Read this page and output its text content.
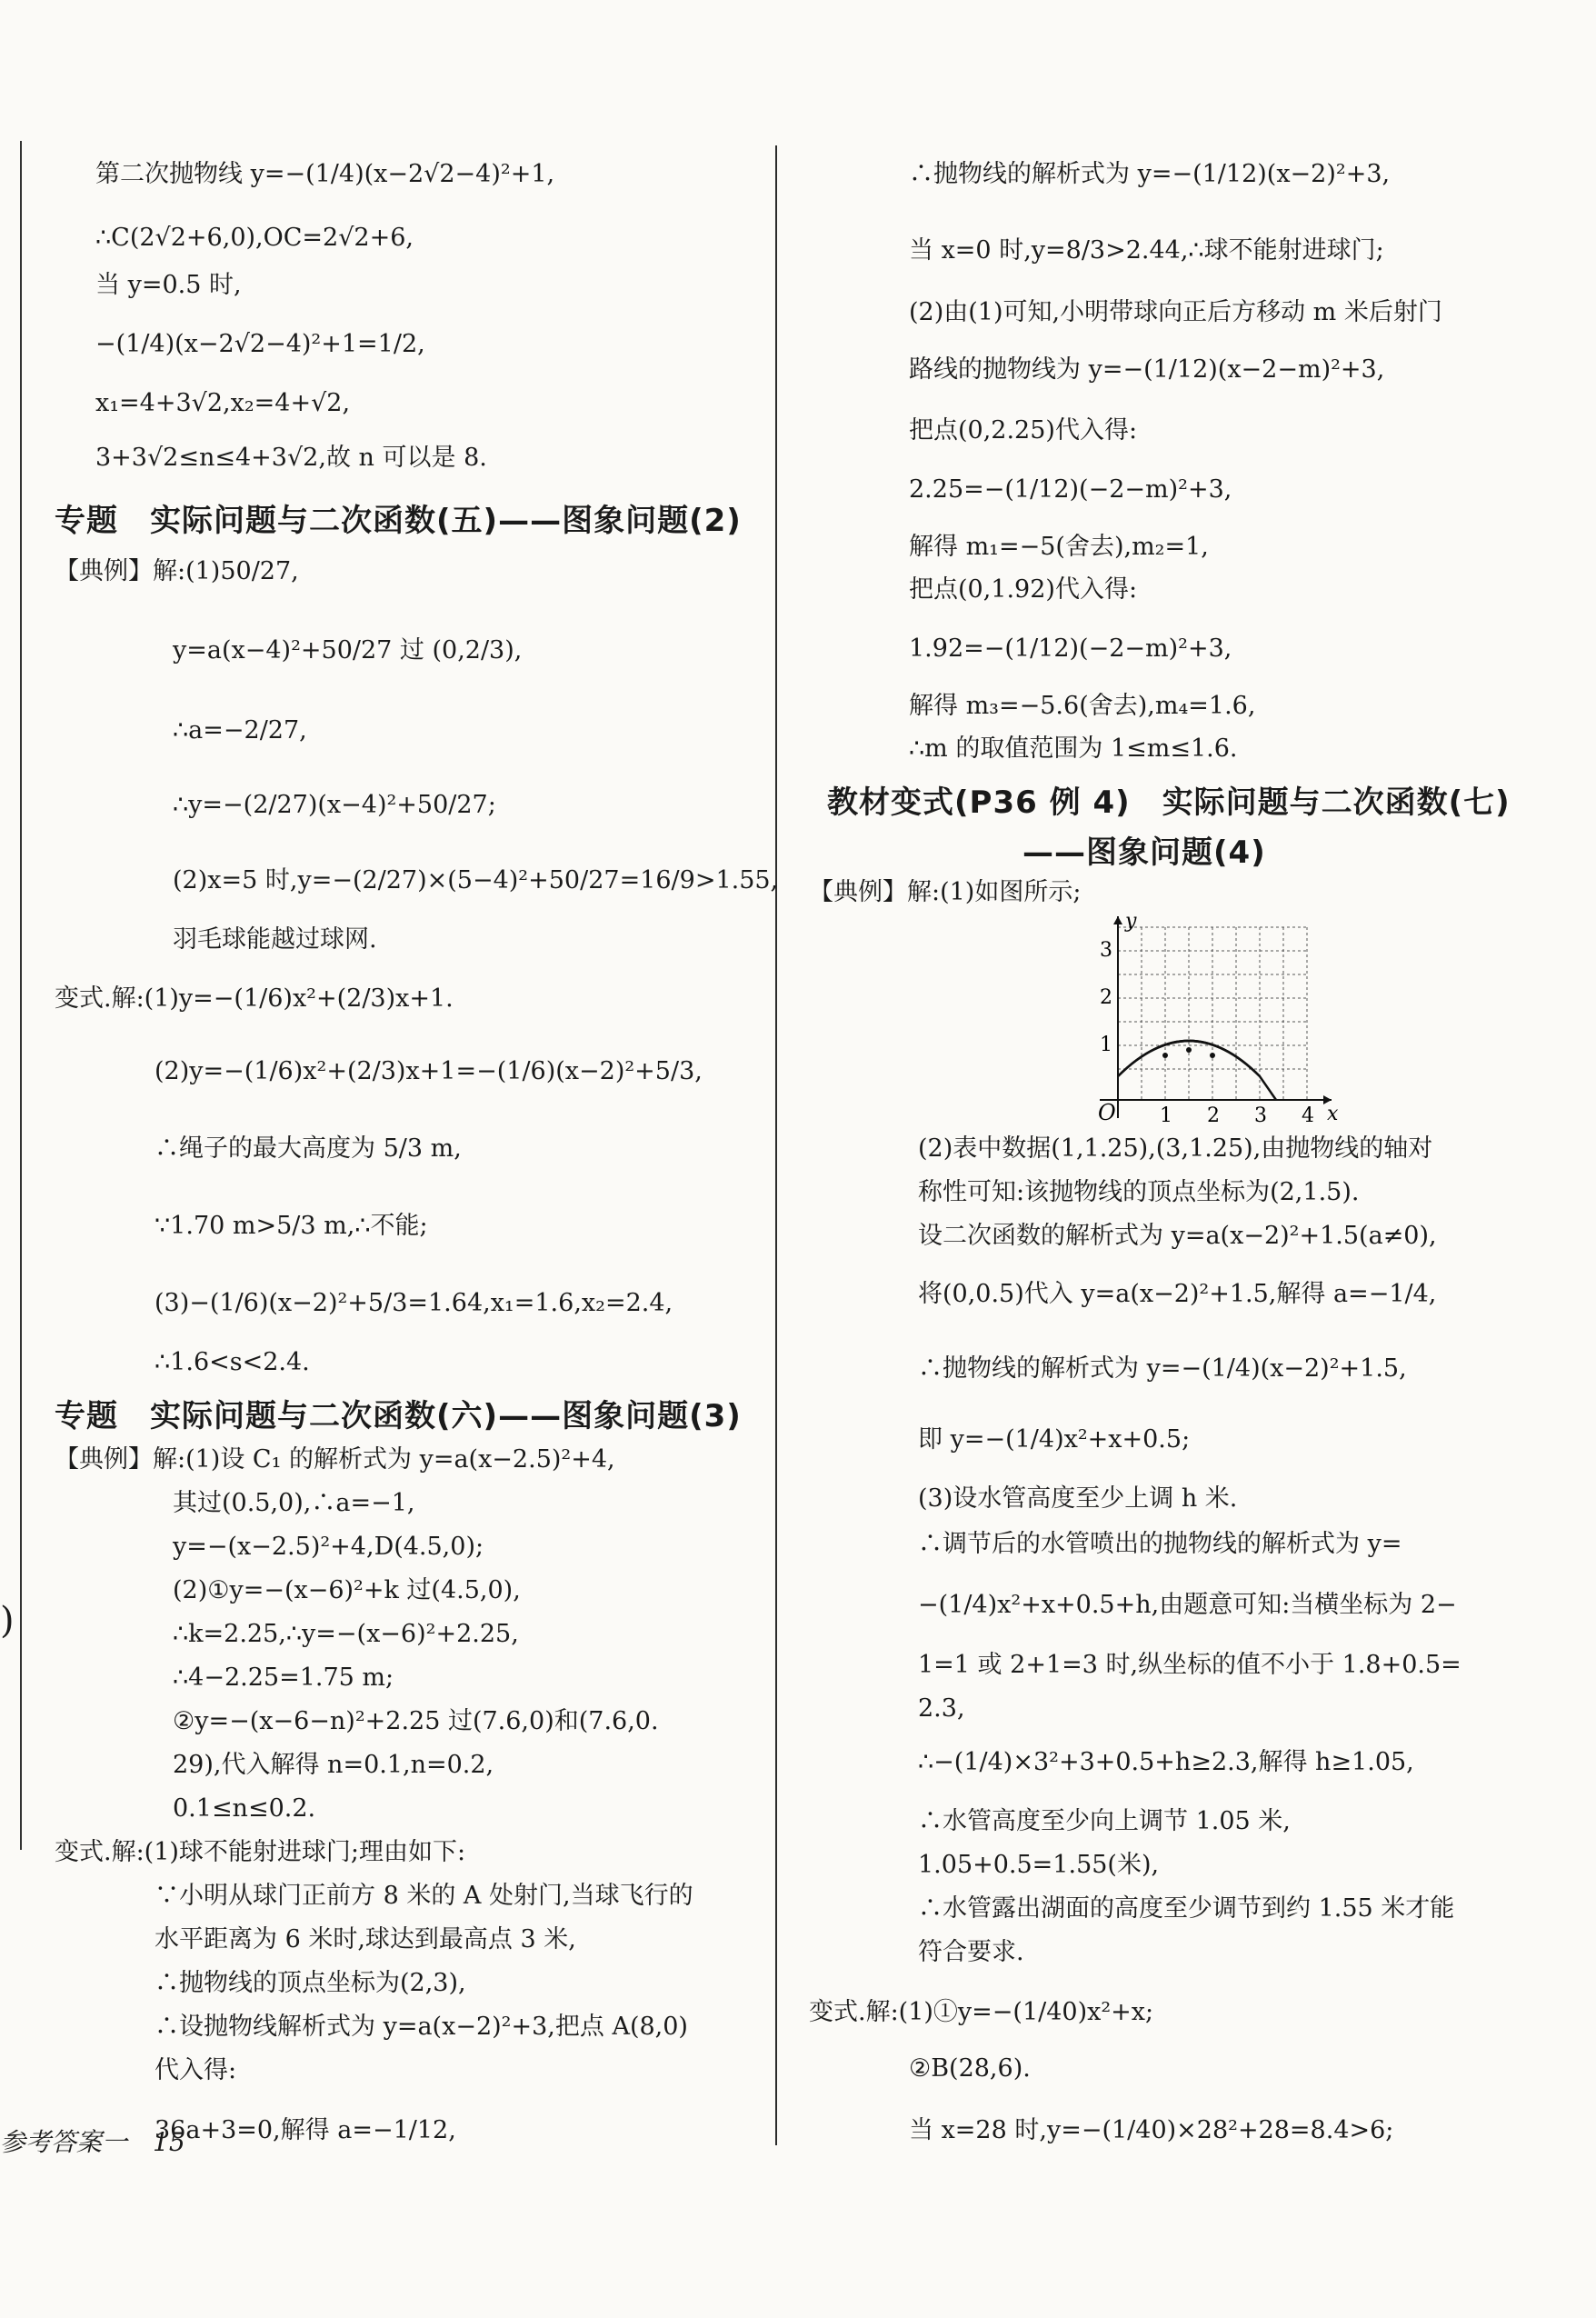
)
第二次抛物线 y=−(1/4)(x−2√2−4)²+1,
∴C(2√2+6,0),OC=2√2+6,
当 y=0.5 时,
−(1/4)(x−2√2−4)²+1=1/2,
x₁=4+3√2,x₂=4+√2,
3+3√2≤n≤4+3√2,故 n 可以是 8.
【典例】解:(1)50/27,
y=a(x−4)²+50/27 过 (0,2/3),
∴a=−2/27,
∴y=−(2/27)(x−4)²+50/27;
(2)x=5 时,y=−(2/27)×(5−4)²+50/27=16/9>1.55,
羽毛球能越过球网.
变式.解:(1)y=−(1/6)x²+(2/3)x+1.
(2)y=−(1/6)x²+(2/3)x+1=−(1/6)(x−2)²+5/3,
∴绳子的最大高度为 5/3 m,
∵1.70 m>5/3 m,∴不能;
(3)−(1/6)(x−2)²+5/3=1.64,x₁=1.6,x₂=2.4,
∴1.6<s<2.4.
【典例】解:(1)设 C₁ 的解析式为 y=a(x−2.5)²+4,
其过(0.5,0),∴a=−1,
y=−(x−2.5)²+4,D(4.5,0);
(2)①y=−(x−6)²+k 过(4.5,0),
∴k=2.25,∴y=−(x−6)²+2.25,
∴4−2.25=1.75 m;
②y=−(x−6−n)²+2.25 过(7.6,0)和(7.6,0.
29),代入解得 n=0.1,n=0.2,
0.1≤n≤0.2.
变式.解:(1)球不能射进球门;理由如下:
∵小明从球门正前方 8 米的 A 处射门,当球飞行的
水平距离为 6 米时,球达到最高点 3 米,
∴抛物线的顶点坐标为(2,3),
∴设抛物线解析式为 y=a(x−2)²+3,把点 A(8,0)
代入得:
36a+3=0,解得 a=−1/12,
专题　实际问题与二次函数(五)——图象问题(2)
专题　实际问题与二次函数(六)——图象问题(3)
∴抛物线的解析式为 y=−(1/12)(x−2)²+3,
当 x=0 时,y=8/3>2.44,∴球不能射进球门;
(2)由(1)可知,小明带球向正后方移动 m 米后射门
路线的抛物线为 y=−(1/12)(x−2−m)²+3,
把点(0,2.25)代入得:
2.25=−(1/12)(−2−m)²+3,
解得 m₁=−5(舍去),m₂=1,
把点(0,1.92)代入得:
1.92=−(1/12)(−2−m)²+3,
解得 m₃=−5.6(舍去),m₄=1.6,
∴m 的取值范围为 1≤m≤1.6.
【典例】解:(1)如图所示;
(2)表中数据(1,1.25),(3,1.25),由抛物线的轴对
称性可知:该抛物线的顶点坐标为(2,1.5).
设二次函数的解析式为 y=a(x−2)²+1.5(a≠0),
将(0,0.5)代入 y=a(x−2)²+1.5,解得 a=−1/4,
∴抛物线的解析式为 y=−(1/4)(x−2)²+1.5,
即 y=−(1/4)x²+x+0.5;
(3)设水管高度至少上调 h 米.
∴调节后的水管喷出的抛物线的解析式为 y=
−(1/4)x²+x+0.5+h,由题意可知:当横坐标为 2−
1=1 或 2+1=3 时,纵坐标的值不小于 1.8+0.5=
2.3,
∴−(1/4)×3²+3+0.5+h≥2.3,解得 h≥1.05,
∴水管高度至少向上调节 1.05 米,
1.05+0.5=1.55(米),
∴水管露出湖面的高度至少调节到约 1.55 米才能
符合要求.
变式.解:(1)①y=−(1/40)x²+x;
②B(28,6).
当 x=28 时,y=−(1/40)×28²+28=8.4>6;
教材变式(P36 例 4)　实际问题与二次函数(七)
——图象问题(4)
O 1 2 3 4 x
3
2
1
y
参考答案一　15
